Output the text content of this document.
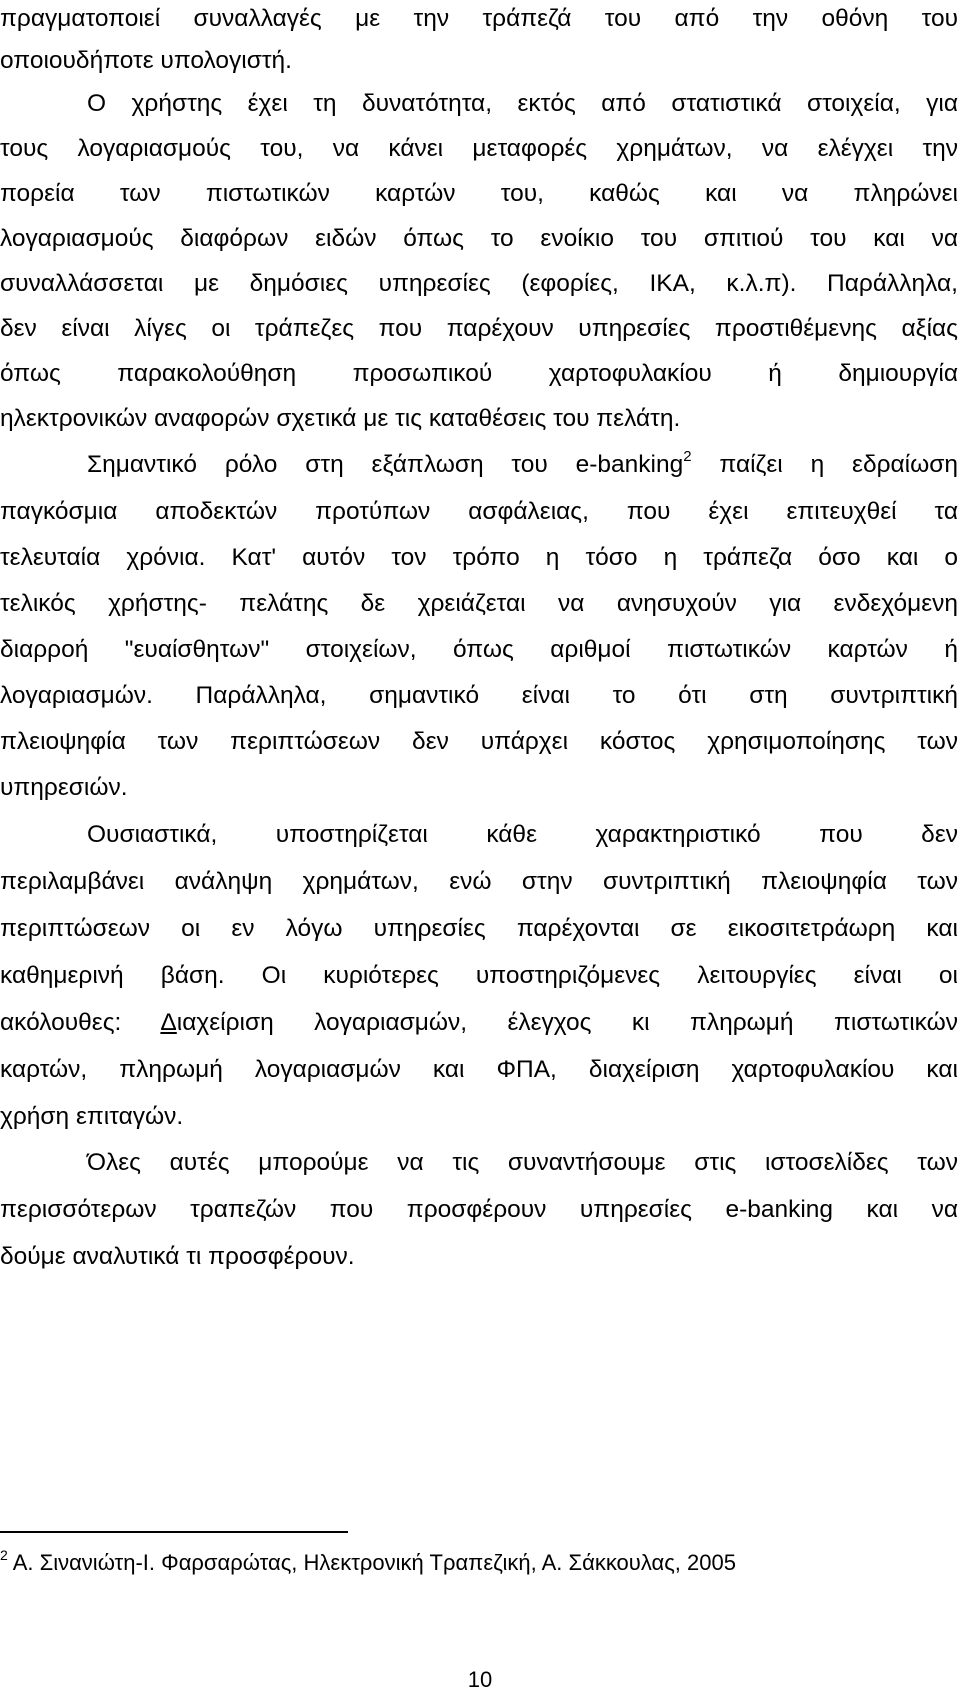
πραγματοποιεί συναλλαγές με την τράπεζά του από την οθόνη του
οποιουδήποτε υπολογιστή.
Ο χρήστης έχει τη δυνατότητα, εκτός από στατιστικά στοιχεία, για
τους λογαριασμούς του, να κάνει μεταφορές χρημάτων, να ελέγχει την
πορεία των πιστωτικών καρτών του, καθώς και να πληρώνει
λογαριασμούς διαφόρων ειδών όπως το ενοίκιο του σπιτιού του και να
συναλλάσσεται με δημόσιες υπηρεσίες (εφορίες, ΙΚΑ, κ.λ.π). Παράλληλα,
δεν είναι λίγες οι τράπεζες που παρέχουν υπηρεσίες προστιθέμενης αξίας
όπως παρακολούθηση προσωπικού χαρτοφυλακίου ή δημιουργία
ηλεκτρονικών αναφορών σχετικά με τις καταθέσεις του πελάτη.
Σημαντικό ρόλο στη εξάπλωση του e-banking$^2$ παίζει η εδραίωση
παγκόσμια αποδεκτών προτύπων ασφάλειας, που έχει επιτευχθεί τα
τελευταία χρόνια. Κατ' αυτόν τον τρόπο η τόσο η τράπεζα όσο και ο
τελικός χρήστης- πελάτης δε χρειάζεται να ανησυχούν για ενδεχόμενη
διαρροή "ευαίσθητων" στοιχείων, όπως αριθμοί πιστωτικών καρτών ή
λογαριασμών. Παράλληλα, σημαντικό είναι το ότι στη συντριπτική
πλειοψηφία των περιπτώσεων δεν υπάρχει κόστος χρησιμοποίησης των
υπηρεσιών.
Ουσιαστικά, υποστηρίζεται κάθε χαρακτηριστικό που δεν
περιλαμβάνει ανάληψη χρημάτων, ενώ στην συντριπτική πλειοψηφία των
περιπτώσεων οι εν λόγω υπηρεσίες παρέχονται σε εικοσιτετράωρη και
καθημερινή βάση. Οι κυριότερες υποστηριζόμενες λειτουργίες είναι οι
ακόλουθες: Διαχείριση λογαριασμών, έλεγχος κι πληρωμή πιστωτικών
καρτών, πληρωμή λογαριασμών και ΦΠΑ, διαχείριση χαρτοφυλακίου και
χρήση επιταγών.
Όλες αυτές μπορούμε να τις συναντήσουμε στις ιστοσελίδες των
περισσότερων τραπεζών που προσφέρουν υπηρεσίες e-banking και να
δούμε αναλυτικά τι προσφέρουν.
$^2$ Α. Σινανιώτη-Ι. Φαρσαρώτας, Ηλεκτρονική Τραπεζική, Α. Σάκκουλας, 2005
10
